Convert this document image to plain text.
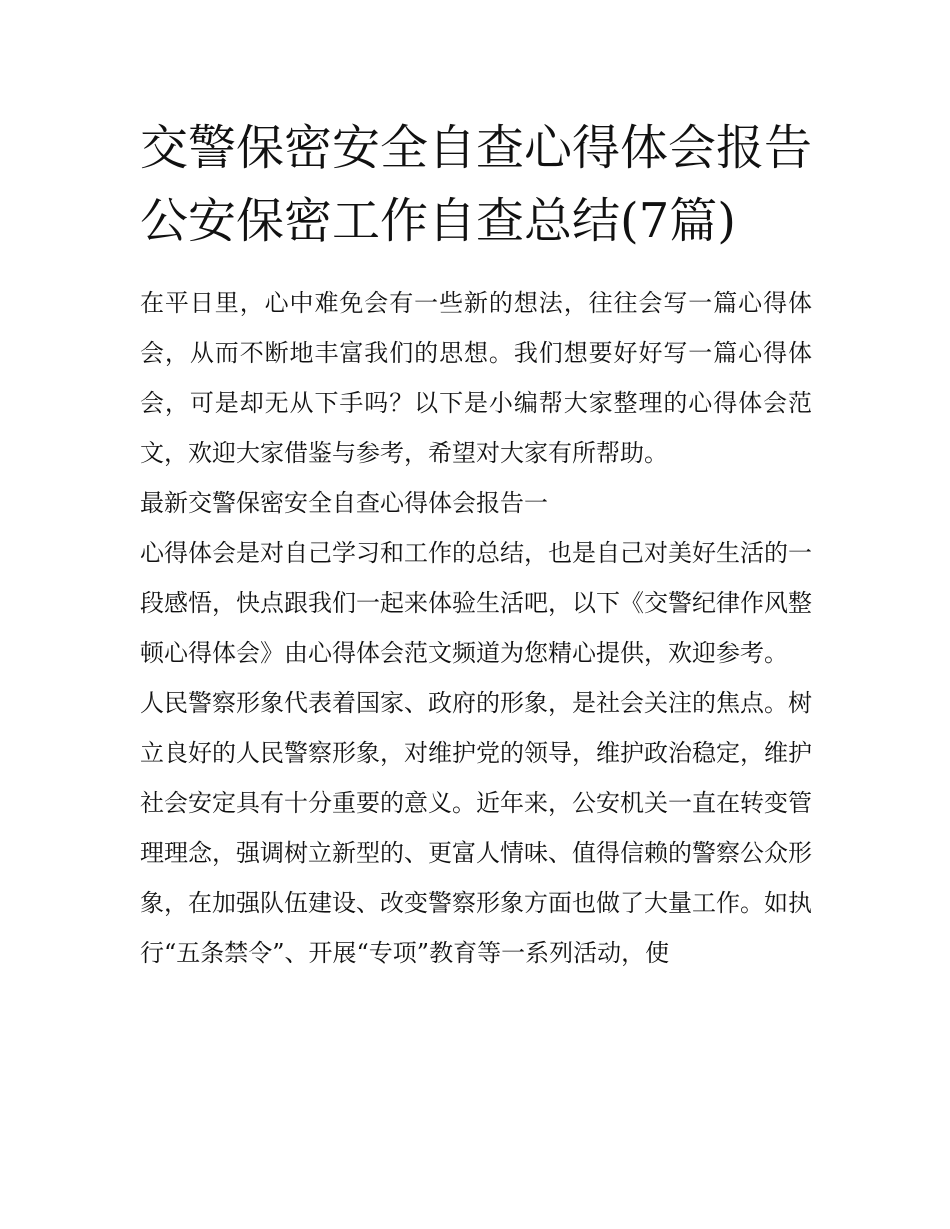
交警保密安全自查心得体会报告 公安保密工作自查总结(7篇)

在平日里，心中难免会有一些新的想法，往往会写一篇心得体会，从而不断地丰富我们的思想。我们想要好好写一篇心得体会，可是却无从下手吗？以下是小编帮大家整理的心得体会范文，欢迎大家借鉴与参考，希望对大家有所帮助。

最新交警保密安全自查心得体会报告一

心得体会是对自己学习和工作的总结，也是自己对美好生活的一段感悟，快点跟我们一起来体验生活吧，以下《交警纪律作风整顿心得体会》由心得体会范文频道为您精心提供，欢迎参考。

人民警察形象代表着国家、政府的形象，是社会关注的焦点。树立良好的人民警察形象，对维护党的领导，维护政治稳定，维护社会安定具有十分重要的意义。近年来，公安机关一直在转变管理理念，强调树立新型的、更富人情味、值得信赖的警察公众形象，在加强队伍建设、改变警察形象方面也做了大量工作。如执行“五条禁令”、开展“专项”教育等一系列活动，使
